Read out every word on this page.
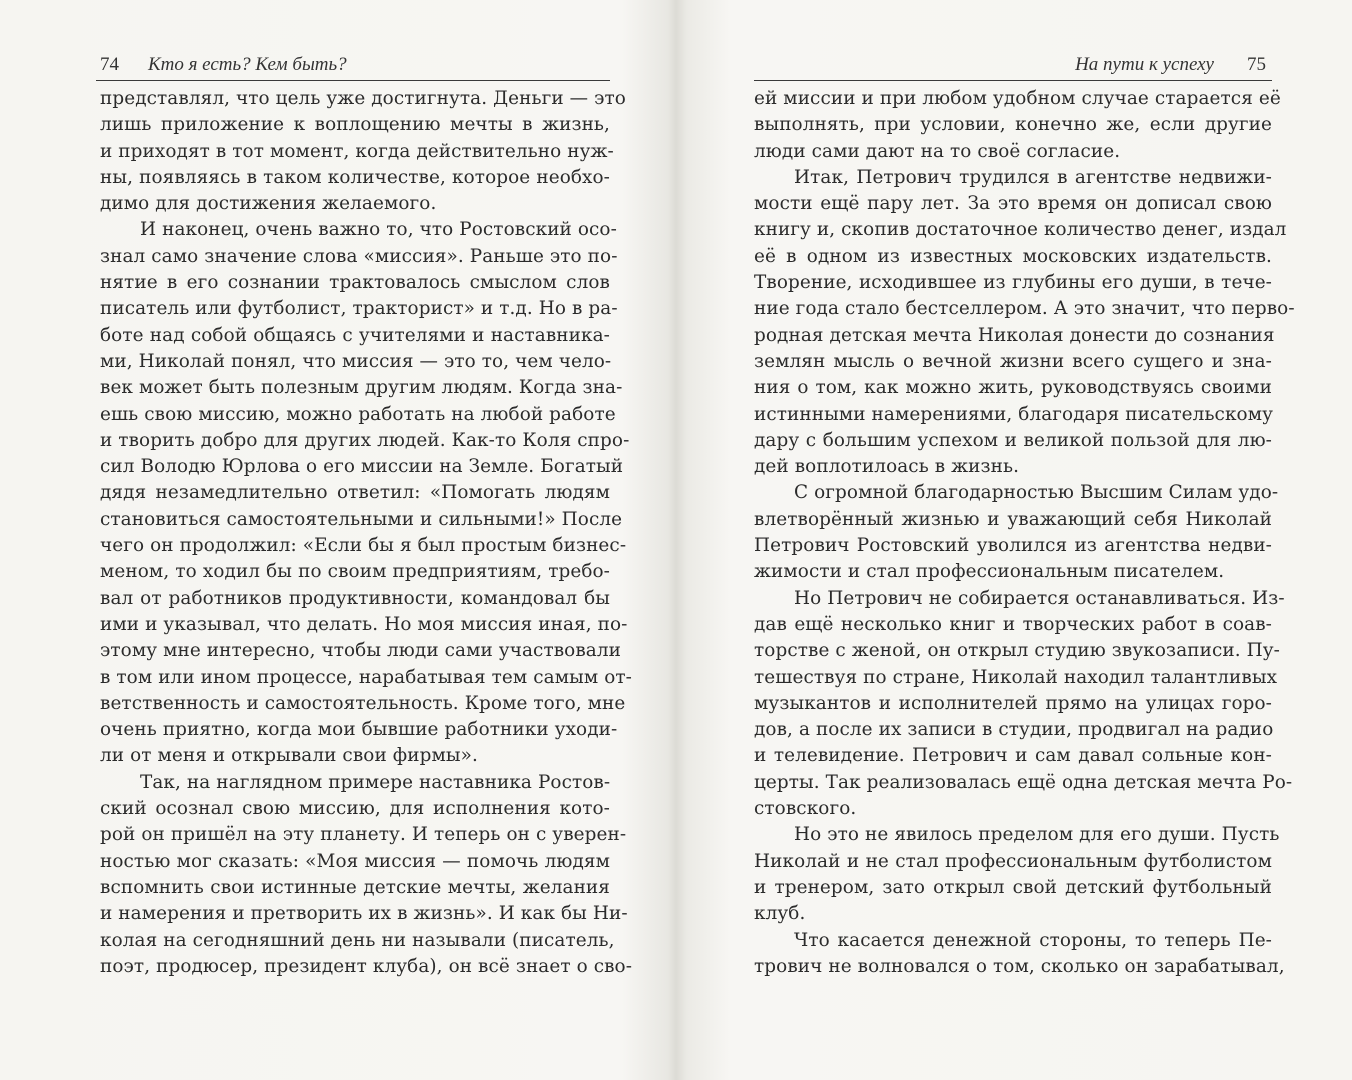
74 Кто я есть? Кем быть?
представлял, что цель уже достигнута. Деньги — это
лишь приложение к воплощению мечты в жизнь,
и приходят в тот момент, когда действительно нуж-
ны, появляясь в таком количестве, которое необхо-
димо для достижения желаемого.
И наконец, очень важно то, что Ростовский осо-
знал само значение слова «миссия». Раньше это по-
нятие в его сознании трактовалось смыслом слов
писатель или футболист, тракторист» и т.д. Но в ра-
боте над собой общаясь с учителями и наставника-
ми, Николай понял, что миссия — это то, чем чело-
век может быть полезным другим людям. Когда зна-
ешь свою миссию, можно работать на любой работе
и творить добро для других людей. Как-то Коля спро-
сил Володю Юрлова о его миссии на Земле. Богатый
дядя незамедлительно ответил: «Помогать людям
становиться самостоятельными и сильными!» После
чего он продолжил: «Если бы я был простым бизнес-
меном, то ходил бы по своим предприятиям, требо-
вал от работников продуктивности, командовал бы
ими и указывал, что делать. Но моя миссия иная, по-
этому мне интересно, чтобы люди сами участвовали
в том или ином процессе, нарабатывая тем самым от-
ветственность и самостоятельность. Кроме того, мне
очень приятно, когда мои бывшие работники уходи-
ли от меня и открывали свои фирмы».
Так, на наглядном примере наставника Ростов-
ский осознал свою миссию, для исполнения кото-
рой он пришёл на эту планету. И теперь он с уверен-
ностью мог сказать: «Моя миссия — помочь людям
вспомнить свои истинные детские мечты, желания
и намерения и претворить их в жизнь». И как бы Ни-
колая на сегодняшний день ни называли (писатель,
поэт, продюсер, президент клуба), он всё знает о сво-
На пути к успеху 75
ей миссии и при любом удобном случае старается её
выполнять, при условии, конечно же, если другие
люди сами дают на то своё согласие.
Итак, Петрович трудился в агентстве недвижи-
мости ещё пару лет. За это время он дописал свою
книгу и, скопив достаточное количество денег, издал
её в одном из известных московских издательств.
Творение, исходившее из глубины его души, в тече-
ние года стало бестселлером. А это значит, что перво-
родная детская мечта Николая донести до сознания
землян мысль о вечной жизни всего сущего и зна-
ния о том, как можно жить, руководствуясь своими
истинными намерениями, благодаря писательскому
дару с большим успехом и великой пользой для лю-
дей воплотилоась в жизнь.
С огромной благодарностью Высшим Силам удо-
влетворённый жизнью и уважающий себя Николай
Петрович Ростовский уволился из агентства недви-
жимости и стал профессиональным писателем.
Но Петрович не собирается останавливаться. Из-
дав ещё несколько книг и творческих работ в соав-
торстве с женой, он открыл студию звукозаписи. Пу-
тешествуя по стране, Николай находил талантливых
музыкантов и исполнителей прямо на улицах горо-
дов, а после их записи в студии, продвигал на радио
и телевидение. Петрович и сам давал сольные кон-
церты. Так реализовалась ещё одна детская мечта Ро-
стовского.
Но это не явилось пределом для его души. Пусть
Николай и не стал профессиональным футболистом
и тренером, зато открыл свой детский футбольный
клуб.
Что касается денежной стороны, то теперь Пе-
трович не волновался о том, сколько он зарабатывал,
